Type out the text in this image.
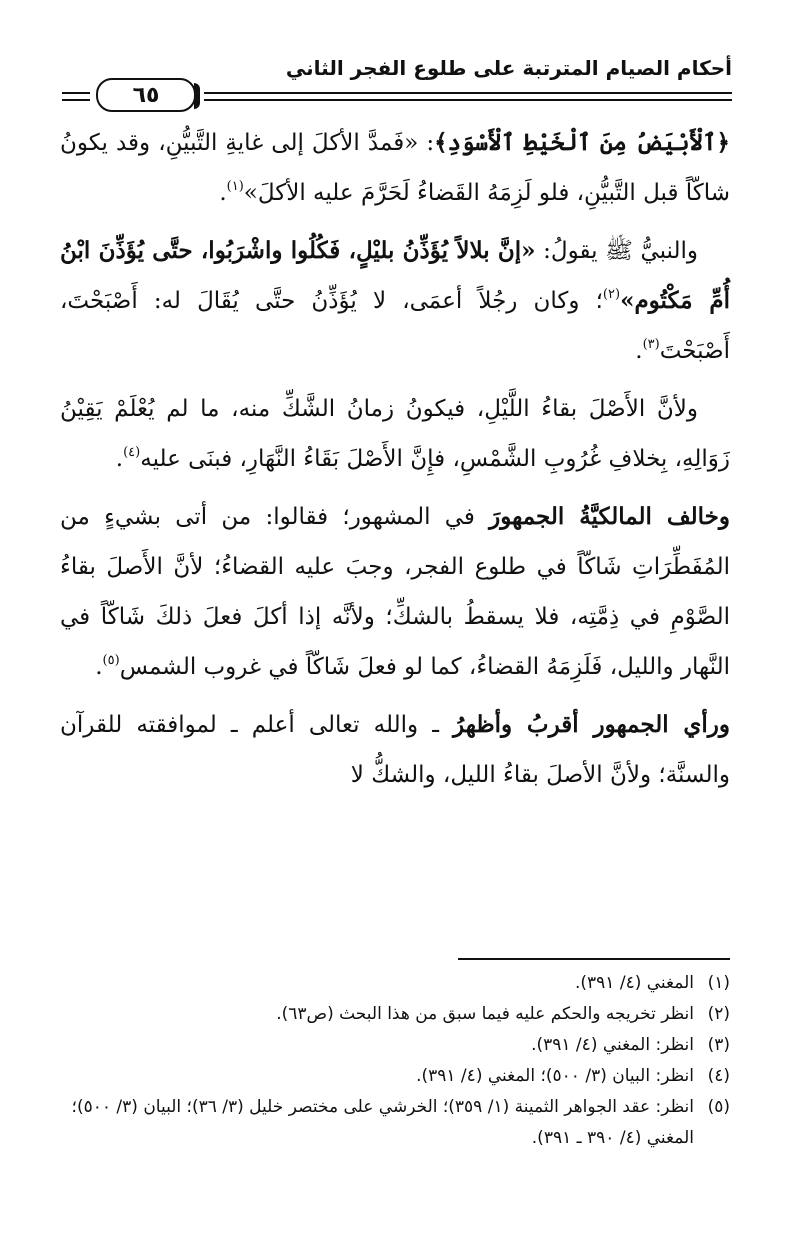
أحكام الصيام المترتبة على طلوع الفجر الثاني
٦٥

﴿ٱلْأَبْيَضُ مِنَ ٱلْخَيْطِ ٱلْأَسْوَدِ﴾: «فَمدَّ الأكلَ إلى غايةِ التَّبيُّنِ، وقد يكونُ شاكّاً قبل التَّبيُّنِ، فلو لَزِمَهُ القَضاءُ لَحَرَّمَ عليه الأكلَ»$^{(١)}$.

والنبيُّ ﷺ يقولُ: «إنَّ بلالاً يُؤَذِّنُ بليْلٍ، فَكُلُوا واشْرَبُوا، حتَّى يُؤَذِّنَ ابْنُ أُمِّ مَكْتُوم»$^{(٢)}$؛ وكان رجُلاً أعمَى، لا يُؤَذِّنُ حتَّى يُقَالَ له: أَصْبَحْتَ، أَصْبَحْتَ$^{(٣)}$.

ولأنَّ الأَصْلَ بقاءُ اللَّيْلِ، فيكونُ زمانُ الشَّكِّ منه، ما لم يُعْلَمْ يَقِيْنُ زَوَالِهِ، بِخلافِ غُرُوبِ الشَّمْسِ، فإِنَّ الأَصْلَ بَقَاءُ النَّهَارِ، فبنَى عليه$^{(٤)}$.

وخالف المالكيَّةُ الجمهورَ في المشهور؛ فقالوا: من أتى بشيءٍ من المُفَطِّرَاتِ شَاكّاً في طلوع الفجر، وجبَ عليه القضاءُ؛ لأنَّ الأَصلَ بقاءُ الصَّوْمِ في ذِمَّتِه، فلا يسقطُ بالشكِّ؛ ولأنَّه إذا أكلَ فعلَ ذلكَ شَاكّاً في النَّهار والليل، فَلَزِمَهُ القضاءُ، كما لو فعلَ شَاكّاً في غروب الشمس$^{(٥)}$.

ورأي الجمهور أقربُ وأظهرُ ـ والله تعالى أعلم ـ لموافقته للقرآن والسنَّة؛ ولأنَّ الأصلَ بقاءُ الليل، والشكُّ لا

(١)
المغني (٤/ ٣٩١).
(٢)
انظر تخريجه والحكم عليه فيما سبق من هذا البحث (ص٦٣).
(٣)
انظر: المغني (٤/ ٣٩١).
(٤)
انظر: البيان (٣/ ٥٠٠)؛ المغني (٤/ ٣٩١).
(٥)
انظر: عقد الجواهر الثمينة (١/ ٣٥٩)؛ الخرشي على مختصر خليل (٣/ ٣٦)؛ البيان (٣/ ٥٠٠)؛ المغني (٤/ ٣٩٠ ـ ٣٩١).
